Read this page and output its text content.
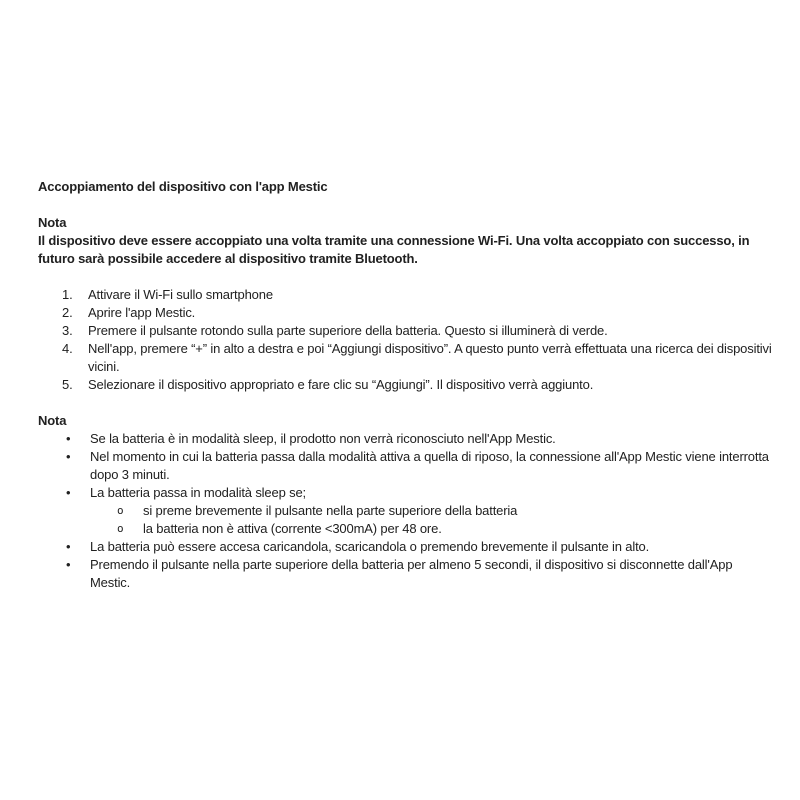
Accoppiamento del dispositivo con l'app Mestic

Nota

Il dispositivo deve essere accoppiato una volta tramite una connessione Wi-Fi. Una volta accoppiato con successo, in futuro sarà possibile accedere al dispositivo tramite Bluetooth.

Attivare il Wi-Fi sullo smartphone
Aprire l'app Mestic.
Premere il pulsante rotondo sulla parte superiore della batteria. Questo si illuminerà di verde.
Nell'app, premere “+” in alto a destra e poi “Aggiungi dispositivo”. A questo punto verrà effettuata una ricerca dei dispositivi vicini.
Selezionare il dispositivo appropriato e fare clic su “Aggiungi”. Il dispositivo verrà aggiunto.

Nota

• Se la batteria è in modalità sleep, il prodotto non verrà riconosciuto nell'App Mestic.
• Nel momento in cui la batteria passa dalla modalità attiva a quella di riposo, la connessione all'App Mestic viene interrotta dopo 3 minuti.
• La batteria passa in modalità sleep se;
o si preme brevemente il pulsante nella parte superiore della batteria
o la batteria non è attiva (corrente <300mA) per 48 ore.
• La batteria può essere accesa caricandola, scaricandola o premendo brevemente il pulsante in alto.
• Premendo il pulsante nella parte superiore della batteria per almeno 5 secondi, il dispositivo si disconnette dall'App Mestic.
